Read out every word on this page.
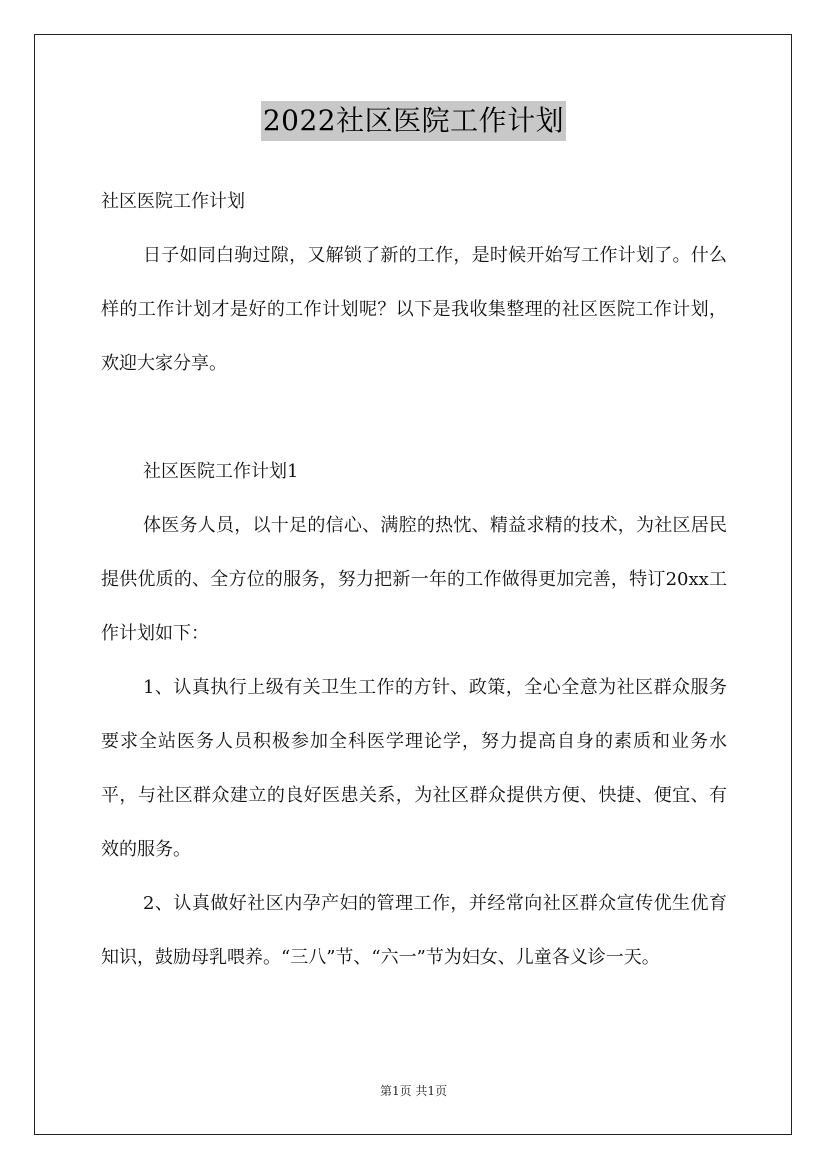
2022社区医院工作计划

社区医院工作计划

日子如同白驹过隙，又解锁了新的工作，是时候开始写工作计划了。什么样的工作计划才是好的工作计划呢？以下是我收集整理的社区医院工作计划，欢迎大家分享。

社区医院工作计划1

体医务人员，以十足的信心、满腔的热忱、精益求精的技术，为社区居民提供优质的、全方位的服务，努力把新一年的工作做得更加完善，特订20xx工作计划如下：

1、认真执行上级有关卫生工作的方针、政策，全心全意为社区群众服务要求全站医务人员积极参加全科医学理论学，努力提高自身的素质和业务水平，与社区群众建立的良好医患关系，为社区群众提供方便、快捷、便宜、有效的服务。

2、认真做好社区内孕产妇的管理工作，并经常向社区群众宣传优生优育知识，鼓励母乳喂养。“三八”节、“六一”节为妇女、儿童各义诊一天。

第1页 共1页
